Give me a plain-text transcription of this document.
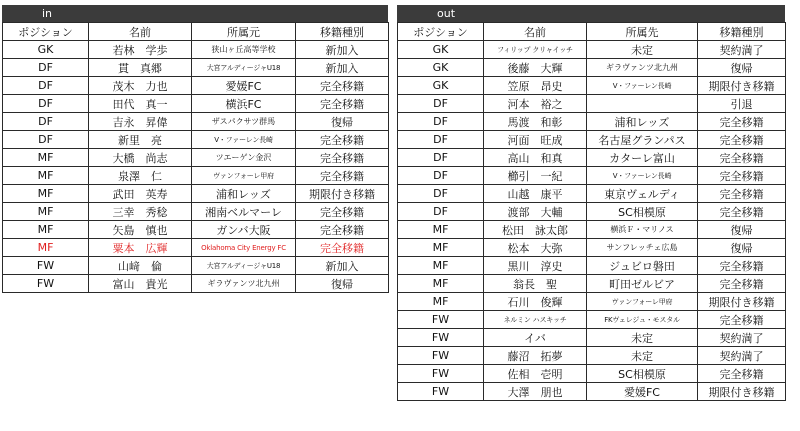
in
ポジション	名前	所属元	移籍種別
GK	若林　学歩	狭山ヶ丘高等学校	新加入
DF	貫　真郷	大宮アルディージャU18	新加入
DF	茂木　力也	愛媛FC	完全移籍
DF	田代　真一	横浜FC	完全移籍
DF	吉永　昇偉	ザスパクサツ群馬	復帰
DF	新里　亮	V・ファーレン長崎	完全移籍
MF	大橋　尚志	ツエーゲン金沢	完全移籍
MF	泉澤　仁	ヴァンフォーレ甲府	完全移籍
MF	武田　英寿	浦和レッズ	期限付き移籍
MF	三幸　秀稔	湘南ベルマーレ	完全移籍
MF	矢島　慎也	ガンバ大阪	完全移籍
MF	粟本　広輝	Oklahoma City Energy FC	完全移籍
FW	山﨑　倫	大宮アルディージャU18	新加入
FW	富山　貴光	ギラヴァンツ北九州	復帰
out
ポジション	名前	所属先	移籍種別
GK	フィリップ クリャイッチ	未定	契約満了
GK	後藤　大輝	ギラヴァンツ北九州	復帰
GK	笠原　昂史	V・ファーレン長崎	期限付き移籍
DF	河本　裕之		引退
DF	馬渡　和彰	浦和レッズ	完全移籍
DF	河面　旺成	名古屋グランパス	完全移籍
DF	高山　和真	カターレ富山	完全移籍
DF	櫛引　一紀	V・ファーレン長崎	完全移籍
DF	山越　康平	東京ヴェルディ	完全移籍
DF	渡部　大輔	SC相模原	完全移籍
MF	松田　詠太郎	横浜Ｆ・マリノス	復帰
MF	松本　大弥	サンフレッチェ広島	復帰
MF	黒川　淳史	ジュビロ磐田	完全移籍
MF	翁長　聖	町田ゼルビア	完全移籍
MF	石川　俊輝	ヴァンフォーレ甲府	期限付き移籍
FW	ネルミン ハスキッチ	FKヴェレジュ・モスタル	完全移籍
FW	イバ	未定	契約満了
FW	藤沼　拓夢	未定	契約満了
FW	佐相　壱明	SC相模原	完全移籍
FW	大澤　朋也	愛媛FC	期限付き移籍
